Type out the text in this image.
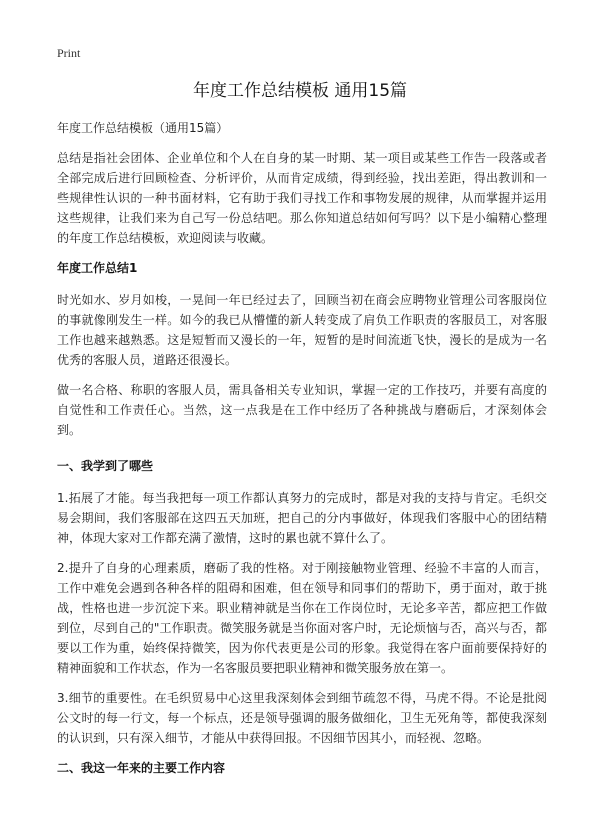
Print
年度工作总结模板 通用15篇

年度工作总结模板（通用15篇）

总结是指社会团体、企业单位和个人在自身的某一时期、某一项目或某些工作告一段落或者全部完成后进行回顾检查、分析评价，从而肯定成绩，得到经验，找出差距，得出教训和一些规律性认识的一种书面材料，它有助于我们寻找工作和事物发展的规律，从而掌握并运用这些规律，让我们来为自己写一份总结吧。那么你知道总结如何写吗？以下是小编精心整理的年度工作总结模板，欢迎阅读与收藏。

年度工作总结1

时光如水、岁月如梭，一晃间一年已经过去了，回顾当初在商会应聘物业管理公司客服岗位的事就像刚发生一样。如今的我已从懵懂的新人转变成了肩负工作职责的客服员工，对客服工作也越来越熟悉。这是短暂而又漫长的一年，短暂的是时间流逝飞快，漫长的是成为一名优秀的客服人员，道路还很漫长。

做一名合格、称职的客服人员，需具备相关专业知识，掌握一定的工作技巧，并要有高度的自觉性和工作责任心。当然，这一点我是在工作中经历了各种挑战与磨砺后，才深刻体会到。

一、我学到了哪些

1.拓展了才能。每当我把每一项工作都认真努力的完成时，都是对我的支持与肯定。毛织交易会期间，我们客服部在这四五天加班，把自己的分内事做好，体现我们客服中心的团结精神，体现大家对工作都充满了激情，这时的累也就不算什么了。

2.提升了自身的心理素质，磨砺了我的性格。对于刚接触物业管理、经验不丰富的人而言，工作中难免会遇到各种各样的阻碍和困难，但在领导和同事们的帮助下，勇于面对，敢于挑战，性格也进一步沉淀下来。职业精神就是当你在工作岗位时，无论多辛苦，都应把工作做到位，尽到自己的"工作职责。微笑服务就是当你面对客户时，无论烦恼与否，高兴与否，都要以工作为重，始终保持微笑，因为你代表更是公司的形象。我觉得在客户面前要保持好的精神面貌和工作状态，作为一名客服员要把职业精神和微笑服务放在第一。

3.细节的重要性。在毛织贸易中心这里我深刻体会到细节疏忽不得，马虎不得。不论是批阅公文时的每一行文，每一个标点，还是领导强调的服务做细化，卫生无死角等，都使我深刻的认识到，只有深入细节，才能从中获得回报。不因细节因其小，而轻视、忽略。

二、我这一年来的主要工作内容
